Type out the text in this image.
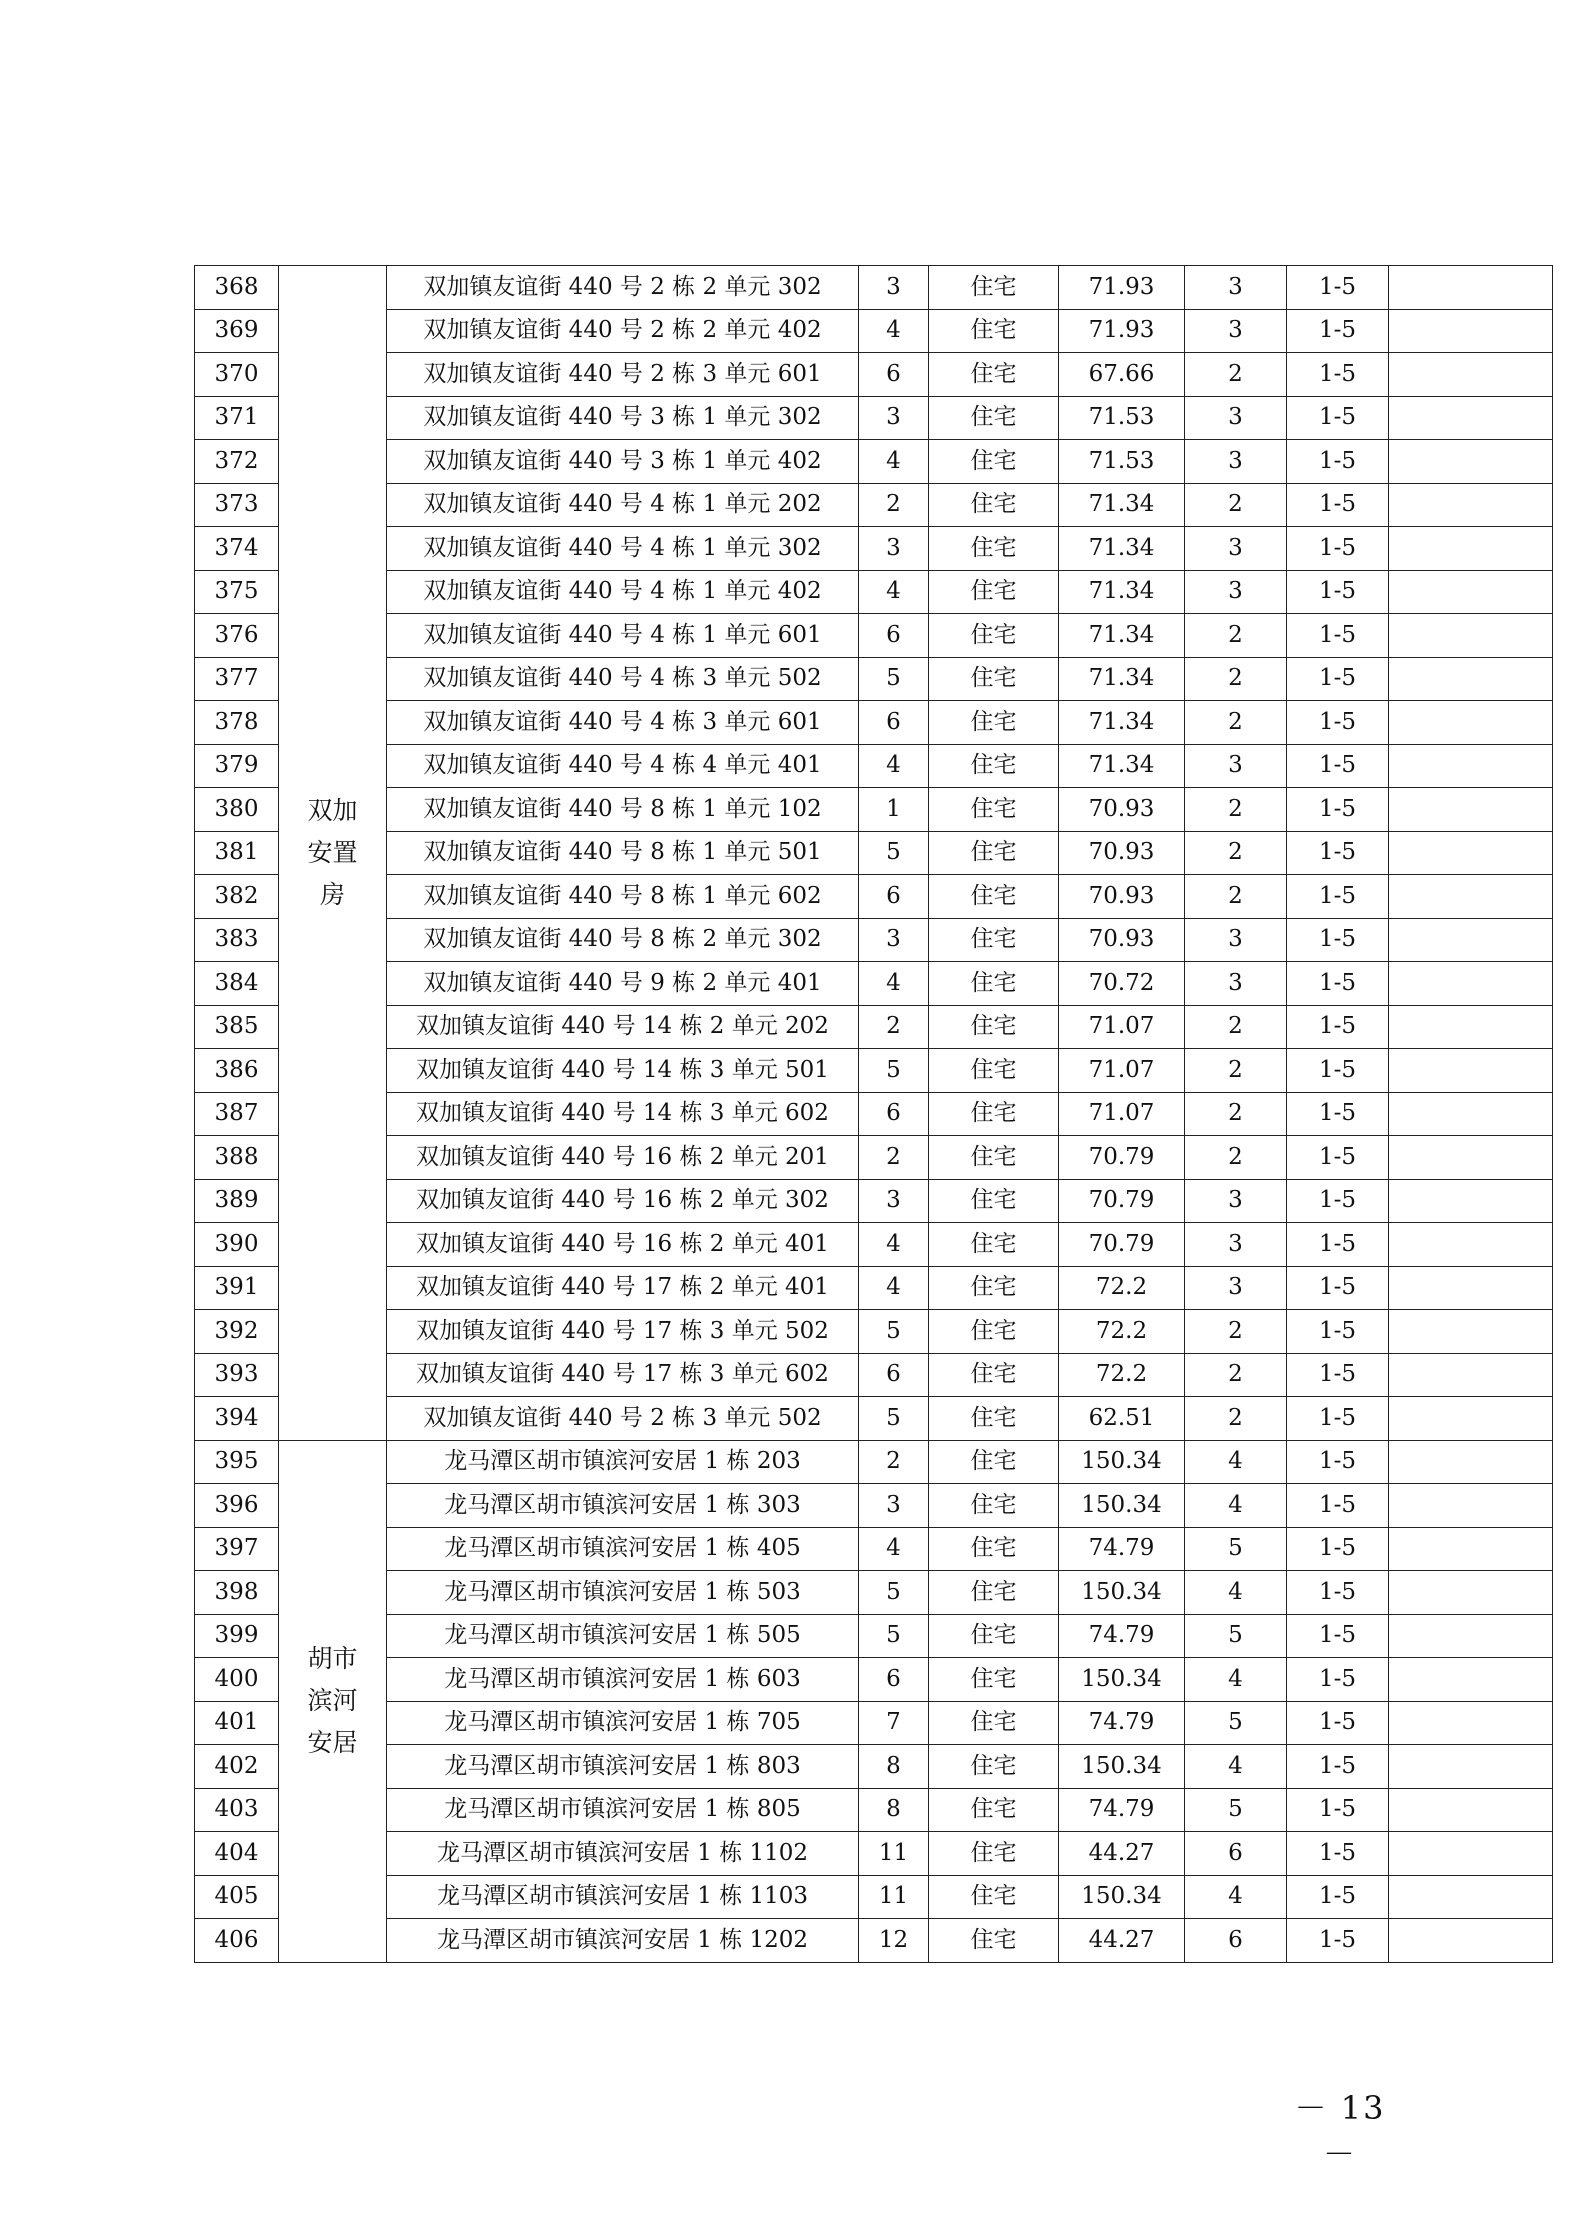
368	双加安置房	双加镇友谊街 440 号 2 栋 2 单元 302	3	住宅	71.93	3	1-5	
369		双加镇友谊街 440 号 2 栋 2 单元 402	4	住宅	71.93	3	1-5	
370		双加镇友谊街 440 号 2 栋 3 单元 601	6	住宅	67.66	2	1-5	
371		双加镇友谊街 440 号 3 栋 1 单元 302	3	住宅	71.53	3	1-5	
372		双加镇友谊街 440 号 3 栋 1 单元 402	4	住宅	71.53	3	1-5	
373		双加镇友谊街 440 号 4 栋 1 单元 202	2	住宅	71.34	2	1-5	
374		双加镇友谊街 440 号 4 栋 1 单元 302	3	住宅	71.34	3	1-5	
375		双加镇友谊街 440 号 4 栋 1 单元 402	4	住宅	71.34	3	1-5	
376		双加镇友谊街 440 号 4 栋 1 单元 601	6	住宅	71.34	2	1-5	
377		双加镇友谊街 440 号 4 栋 3 单元 502	5	住宅	71.34	2	1-5	
378		双加镇友谊街 440 号 4 栋 3 单元 601	6	住宅	71.34	2	1-5	
379		双加镇友谊街 440 号 4 栋 4 单元 401	4	住宅	71.34	3	1-5	
380		双加镇友谊街 440 号 8 栋 1 单元 102	1	住宅	70.93	2	1-5	
381		双加镇友谊街 440 号 8 栋 1 单元 501	5	住宅	70.93	2	1-5	
382		双加镇友谊街 440 号 8 栋 1 单元 602	6	住宅	70.93	2	1-5	
383		双加镇友谊街 440 号 8 栋 2 单元 302	3	住宅	70.93	3	1-5	
384		双加镇友谊街 440 号 9 栋 2 单元 401	4	住宅	70.72	3	1-5	
385		双加镇友谊街 440 号 14 栋 2 单元 202	2	住宅	71.07	2	1-5	
386		双加镇友谊街 440 号 14 栋 3 单元 501	5	住宅	71.07	2	1-5	
387		双加镇友谊街 440 号 14 栋 3 单元 602	6	住宅	71.07	2	1-5	
388		双加镇友谊街 440 号 16 栋 2 单元 201	2	住宅	70.79	2	1-5	
389		双加镇友谊街 440 号 16 栋 2 单元 302	3	住宅	70.79	3	1-5	
390		双加镇友谊街 440 号 16 栋 2 单元 401	4	住宅	70.79	3	1-5	
391		双加镇友谊街 440 号 17 栋 2 单元 401	4	住宅	72.2	3	1-5	
392		双加镇友谊街 440 号 17 栋 3 单元 502	5	住宅	72.2	2	1-5	
393		双加镇友谊街 440 号 17 栋 3 单元 602	6	住宅	72.2	2	1-5	
394		双加镇友谊街 440 号 2 栋 3 单元 502	5	住宅	62.51	2	1-5	
395	胡市滨河安居	龙马潭区胡市镇滨河安居 1 栋 203	2	住宅	150.34	4	1-5	
396		龙马潭区胡市镇滨河安居 1 栋 303	3	住宅	150.34	4	1-5	
397		龙马潭区胡市镇滨河安居 1 栋 405	4	住宅	74.79	5	1-5	
398		龙马潭区胡市镇滨河安居 1 栋 503	5	住宅	150.34	4	1-5	
399		龙马潭区胡市镇滨河安居 1 栋 505	5	住宅	74.79	5	1-5	
400		龙马潭区胡市镇滨河安居 1 栋 603	6	住宅	150.34	4	1-5	
401		龙马潭区胡市镇滨河安居 1 栋 705	7	住宅	74.79	5	1-5	
402		龙马潭区胡市镇滨河安居 1 栋 803	8	住宅	150.34	4	1-5	
403		龙马潭区胡市镇滨河安居 1 栋 805	8	住宅	74.79	5	1-5	
404		龙马潭区胡市镇滨河安居 1 栋 1102	11	住宅	44.27	6	1-5	
405		龙马潭区胡市镇滨河安居 1 栋 1103	11	住宅	150.34	4	1-5	
406		龙马潭区胡市镇滨河安居 1 栋 1202	12	住宅	44.27	6	1-5	
－ 13 －
